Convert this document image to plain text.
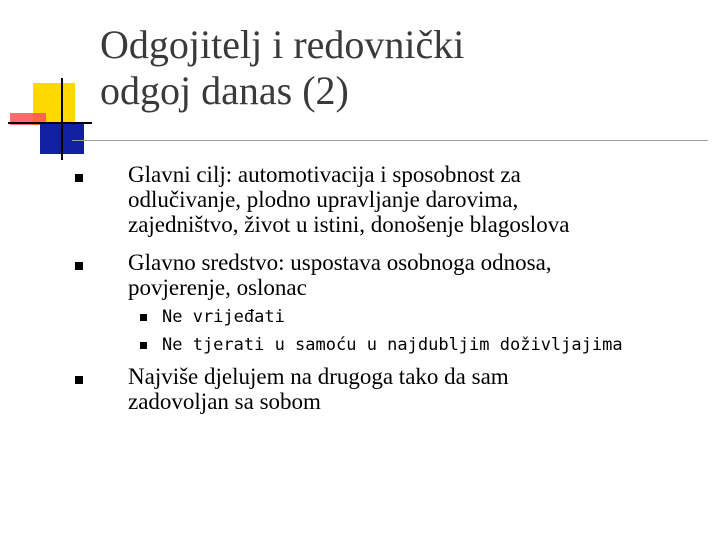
Odgojitelj i redovnički
odgoj danas (2)
Glavni cilj: automotivacija i sposobnost za
odlučivanje, plodno upravljanje darovima,
zajedništvo, život u istini, donošenje blagoslova
Glavno sredstvo: uspostava osobnoga odnosa,
povjerenje, oslonac
Ne vrijeđati
Ne tjerati u samoću u najdubljim doživljajima
Najviše djelujem na drugoga tako da sam
zadovoljan sa sobom
